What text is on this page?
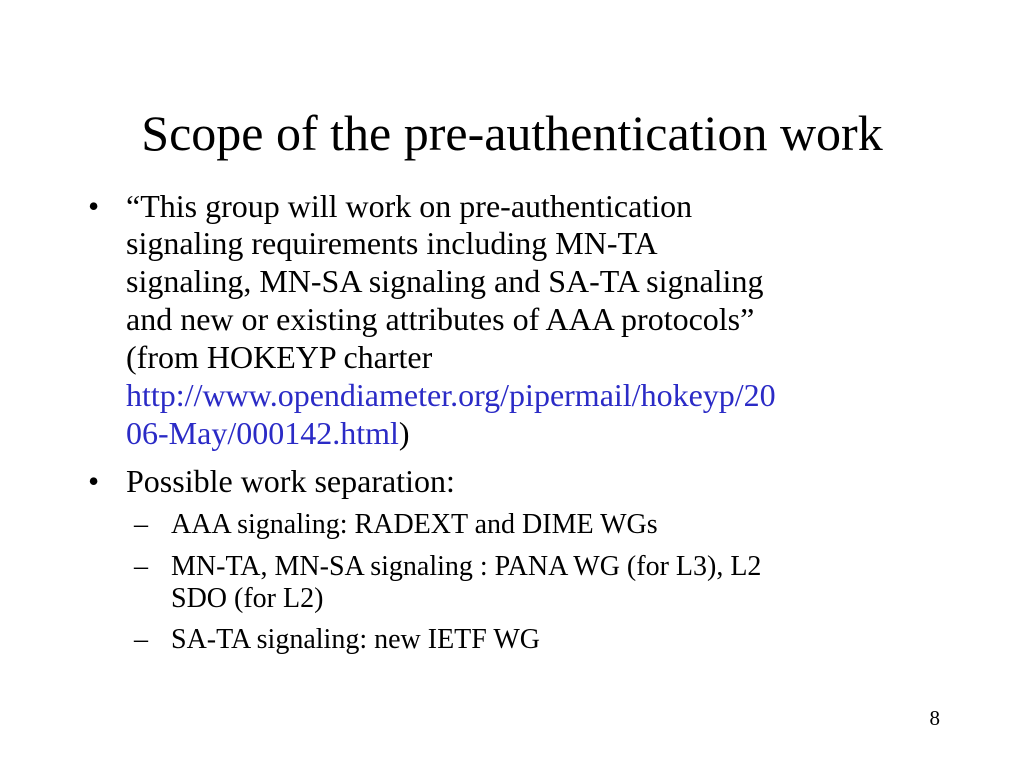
Scope of the pre-authentication work
• “This group will work on pre-authentication
signaling requirements including MN-TA
signaling, MN-SA signaling and SA-TA signaling
and new or existing attributes of AAA protocols”
(from HOKEYP charter
http://www.opendiameter.org/pipermail/hokeyp/20
06-May/000142.html)
• Possible work separation:
– AAA signaling: RADEXT and DIME WGs
– MN-TA, MN-SA signaling : PANA WG (for L3), L2
SDO (for L2)
– SA-TA signaling: new IETF WG
8
